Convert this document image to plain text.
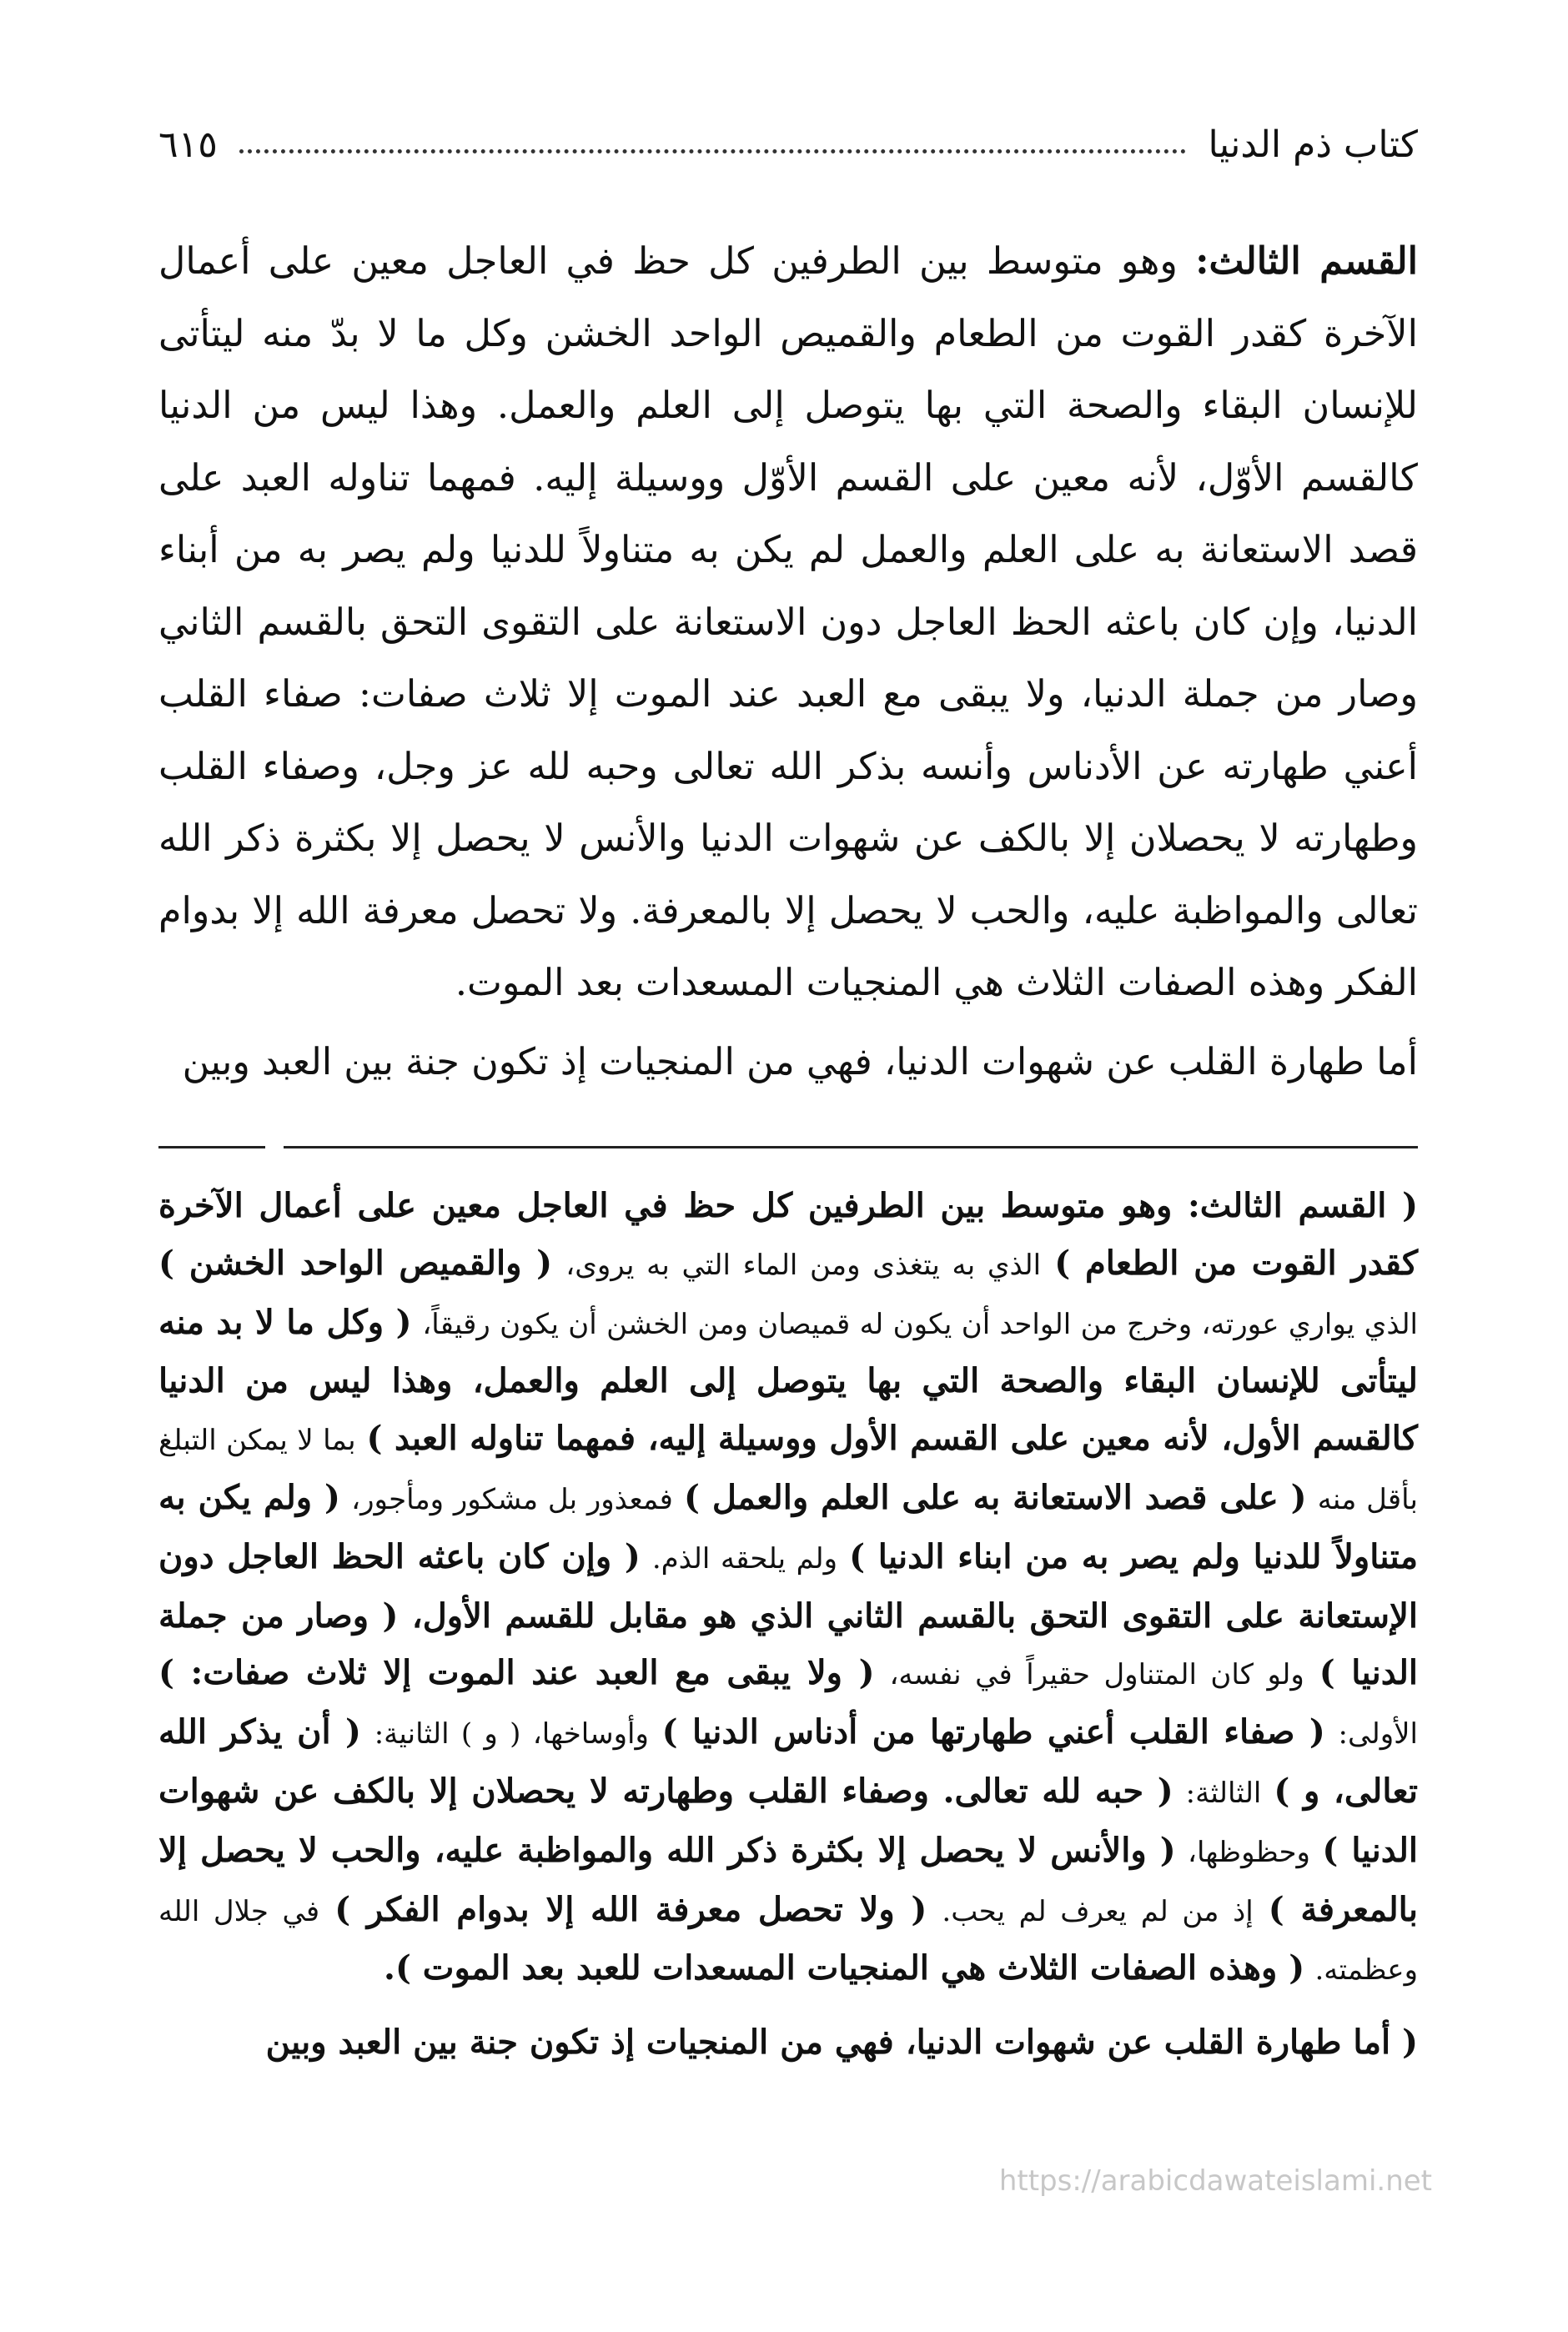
كتاب ذم الدنيا
٦١٥

القسم الثالث: وهو متوسط بين الطرفين كل حظ في العاجل معين على أعمال الآخرة كقدر القوت من الطعام والقميص الواحد الخشن وكل ما لا بدّ منه ليتأتى للإنسان البقاء والصحة التي بها يتوصل إلى العلم والعمل. وهذا ليس من الدنيا كالقسم الأوّل، لأنه معين على القسم الأوّل ووسيلة إليه. فمهما تناوله العبد على قصد الاستعانة به على العلم والعمل لم يكن به متناولاً للدنيا ولم يصر به من أبناء الدنيا، وإن كان باعثه الحظ العاجل دون الاستعانة على التقوى التحق بالقسم الثاني وصار من جملة الدنيا، ولا يبقى مع العبد عند الموت إلا ثلاث صفات: صفاء القلب أعني طهارته عن الأدناس وأنسه بذكر الله تعالى وحبه لله عز وجل، وصفاء القلب وطهارته لا يحصلان إلا بالكف عن شهوات الدنيا والأنس لا يحصل إلا بكثرة ذكر الله تعالى والمواظبة عليه، والحب لا يحصل إلا بالمعرفة. ولا تحصل معرفة الله إلا بدوام الفكر وهذه الصفات الثلاث هي المنجيات المسعدات بعد الموت.

أما طهارة القلب عن شهوات الدنيا، فهي من المنجيات إذ تكون جنة بين العبد وبين

( القسم الثالث: وهو متوسط بين الطرفين كل حظ في العاجل معين على أعمال الآخرة كقدر القوت من الطعام ) الذي به يتغذى ومن الماء التي به يروى، ( والقميص الواحد الخشن ) الذي يواري عورته، وخرج من الواحد أن يكون له قميصان ومن الخشن أن يكون رقيقاً، ( وكل ما لا بد منه ليتأتى للإنسان البقاء والصحة التي بها يتوصل إلى العلم والعمل، وهذا ليس من الدنيا كالقسم الأول، لأنه معين على القسم الأول ووسيلة إليه، فمهما تناوله العبد ) بما لا يمكن التبلغ بأقل منه ( على قصد الاستعانة به على العلم والعمل ) فمعذور بل مشكور ومأجور، ( ولم يكن به متناولاً للدنيا ولم يصر به من ابناء الدنيا ) ولم يلحقه الذم. ( وإن كان باعثه الحظ العاجل دون الإستعانة على التقوى التحق بالقسم الثاني الذي هو مقابل للقسم الأول، ( وصار من جملة الدنيا ) ولو كان المتناول حقيراً في نفسه، ( ولا يبقى مع العبد عند الموت إلا ثلاث صفات: ) الأولى: ( صفاء القلب أعني طهارتها من أدناس الدنيا ) وأوساخها، ( و ) الثانية: ( أن يذكر الله تعالى، و ) الثالثة: ( حبه لله تعالى. وصفاء القلب وطهارته لا يحصلان إلا بالكف عن شهوات الدنيا ) وحظوظها، ( والأنس لا يحصل إلا بكثرة ذكر الله والمواظبة عليه، والحب لا يحصل إلا بالمعرفة ) إذ من لم يعرف لم يحب. ( ولا تحصل معرفة الله إلا بدوام الفكر ) في جلال الله وعظمته. ( وهذه الصفات الثلاث هي المنجيات المسعدات للعبد بعد الموت ).

( أما طهارة القلب عن شهوات الدنيا، فهي من المنجيات إذ تكون جنة بين العبد وبين

https://arabicdawateislami.net
